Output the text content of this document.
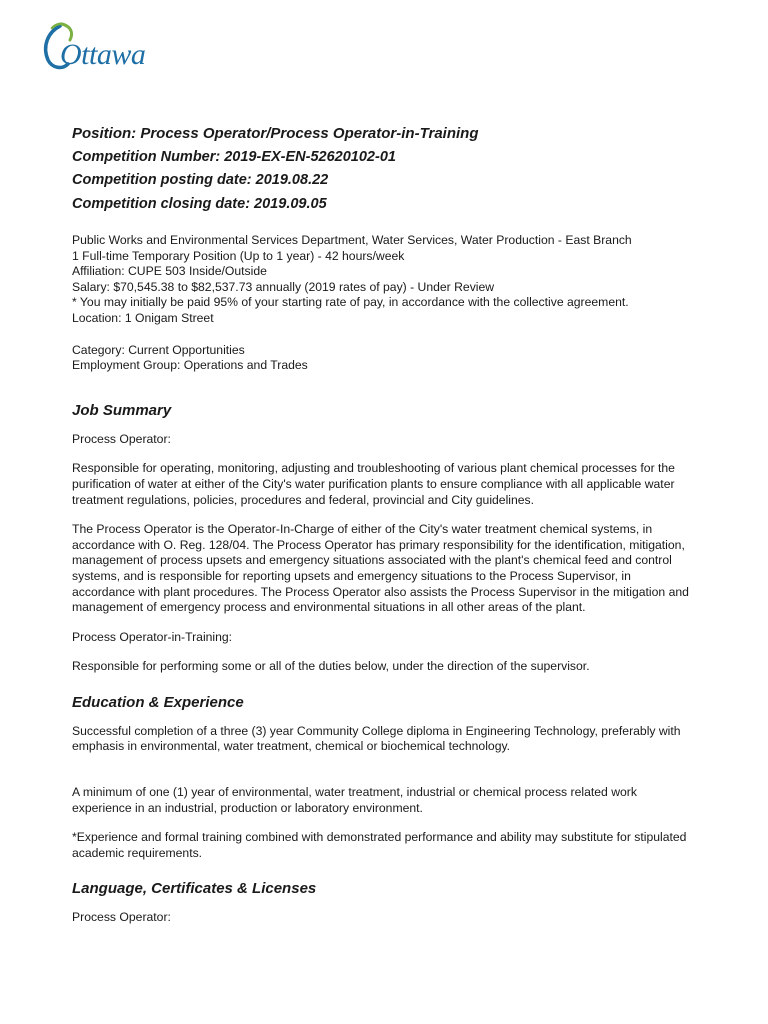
Ottawa

Position: Process Operator/Process Operator-in-Training

Competition Number: 2019-EX-EN-52620102-01

Competition posting date: 2019.08.22

Competition closing date: 2019.09.05

Public Works and Environmental Services Department, Water Services, Water Production - East Branch
1 Full-time Temporary Position (Up to 1 year) - 42 hours/week
Affiliation: CUPE 503 Inside/Outside
Salary: $70,545.38 to $82,537.73 annually (2019 rates of pay) - Under Review
* You may initially be paid 95% of your starting rate of pay, in accordance with the collective agreement.
Location: 1 Onigam Street
Category: Current Opportunities
Employment Group: Operations and Trades
Job Summary

Process Operator:

Responsible for operating, monitoring, adjusting and troubleshooting of various plant chemical processes for the purification of water at either of the City's water purification plants to ensure compliance with all applicable water treatment regulations, policies, procedures and federal, provincial and City guidelines.

The Process Operator is the Operator-In-Charge of either of the City's water treatment chemical systems, in accordance with O. Reg. 128/04. The Process Operator has primary responsibility for the identification, mitigation, management of process upsets and emergency situations associated with the plant's chemical feed and control systems, and is responsible for reporting upsets and emergency situations to the Process Supervisor, in accordance with plant procedures. The Process Operator also assists the Process Supervisor in the mitigation and management of emergency process and environmental situations in all other areas of the plant.

Process Operator-in-Training:

Responsible for performing some or all of the duties below, under the direction of the supervisor.

Education & Experience

Successful completion of a three (3) year Community College diploma in Engineering Technology, preferably with emphasis in environmental, water treatment, chemical or biochemical technology.

A minimum of one (1) year of environmental, water treatment, industrial or chemical process related work experience in an industrial, production or laboratory environment.

*Experience and formal training combined with demonstrated performance and ability may substitute for stipulated academic requirements.

Language, Certificates & Licenses

Process Operator:
